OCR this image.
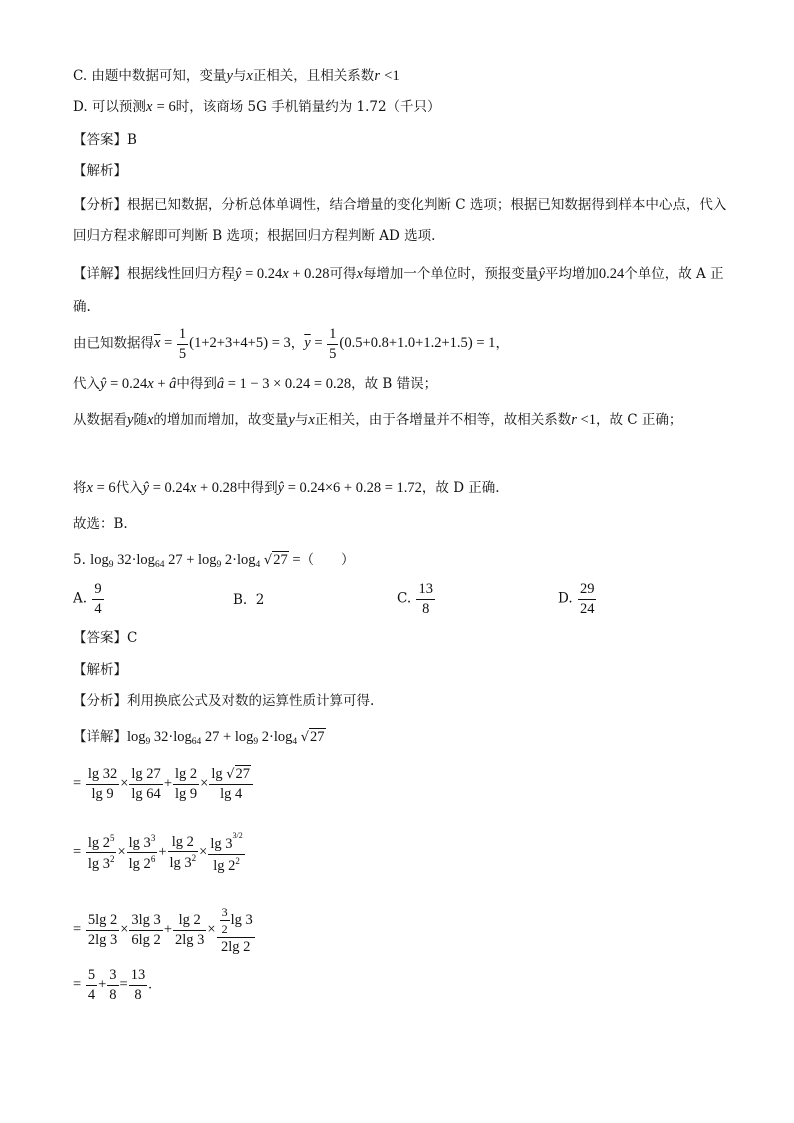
C. 由题中数据可知，变量y与x正相关，且相关系数r <1
D. 可以预测x = 6时，该商场 5G 手机销量约为 1.72（千只）
【答案】B
【解析】
【分析】根据已知数据，分析总体单调性，结合增量的变化判断 C 选项；根据已知数据得到样本中心点，代入回归方程求解即可判断 B 选项；根据回归方程判断 AD 选项.
【详解】根据线性回归方程ŷ = 0.24x + 0.28可得x每增加一个单位时，预报变量ŷ平均增加0.24个单位，故 A 正确.
由已知数据得$\overline{x} = \frac{1}{5} (1+2+3+4+5) = 3$，$\overline{y} = \frac{1}{5} (0.5+0.8+1.0+1.2+1.5) = 1$，
代入ŷ = 0.24x + â中得到â = 1 − 3 × 0.24 = 0.28，故 B 错误；
从数据看y随x的增加而增加，故变量y与x正相关，由于各增量并不相等，故相关系数r <1，故 C 正确；
将x = 6代入ŷ = 0.24x + 0.28中得到ŷ = 0.24×6 + 0.28 = 1.72，故 D 正确.
故选：B.
5. $\log_9 32\cdot\log_{64}$ $27 + \log_9 2\cdot\log_4$ √27 =（　　）
A. $\frac{9}{4}$	B.  2	C. $\frac{13}{8}$	D. $\frac{29}{24}$
【答案】C
【解析】
【分析】利用换底公式及对数的运算性质计算可得.
【详解】$\log_9 32\cdot\log_{64}$ $27 + \log_9 2\cdot\log_4$ √27
= $\frac{\lg 32}{\lg 9} \times \frac{\lg 27}{\lg 64} + \frac{\lg 2}{\lg 9} \times \frac{\lg √27}{\lg 4}$
= $\frac{\lg 2^5}{\lg 3^2} \times \frac{\lg 3^3}{\lg 2^6} + \frac{\lg 2}{\lg 3^2} \times \frac{\lg 3^{3/2}}{\lg 2^2}$
= $\frac{5\lg 2}{2\lg 3} \times \frac{3\lg 3}{6\lg 2} + \frac{\lg 2}{2\lg 3} \times \frac{\frac{3}{2} \lg 3}{2\lg 2}$
= $\frac{5}{4} + \frac{3}{8} = \frac{13}{8}$ .
